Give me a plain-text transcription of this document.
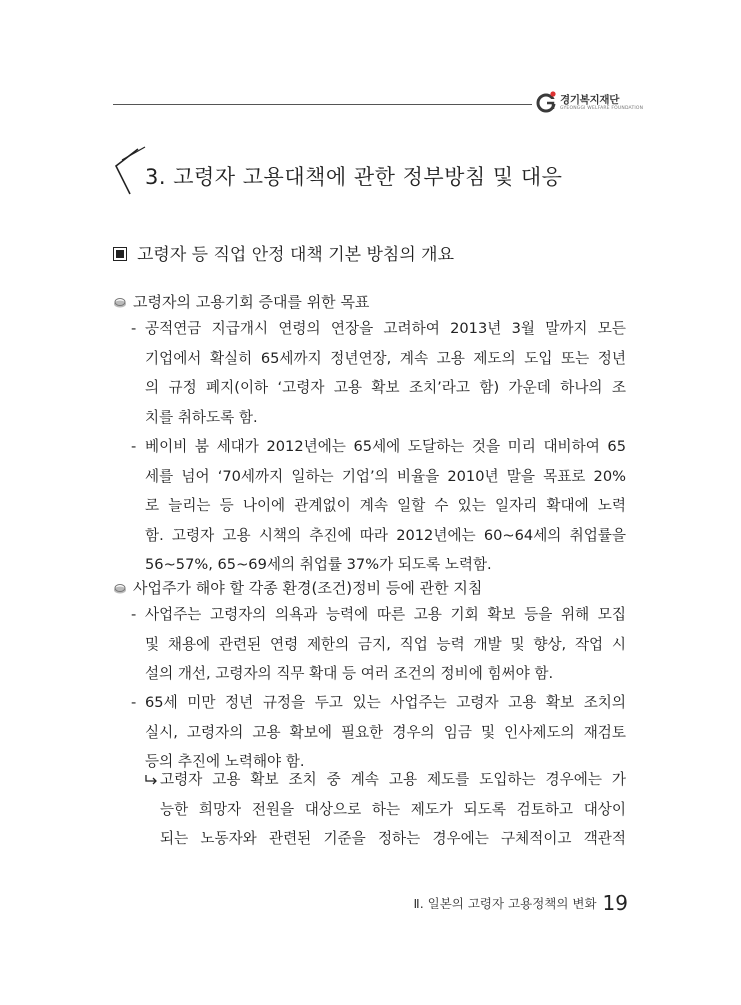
경기복지재단
GYEONGGI WELFARE FOUNDATION
3. 고령자 고용대책에 관한 정부방침 및 대응
고령자 등 직업 안정 대책 기본 방침의 개요
고령자의 고용기회 증대를 위한 목표
- 공적연금 지급개시 연령의 연장을 고려하여 2013년 3월 말까지 모든
기업에서 확실히 65세까지 정년연장, 계속 고용 제도의 도입 또는 정년
의 규정 폐지(이하 ‘고령자 고용 확보 조치’라고 함) 가운데 하나의 조
치를 취하도록 함.
- 베이비 붐 세대가 2012년에는 65세에 도달하는 것을 미리 대비하여 65
세를 넘어 ‘70세까지 일하는 기업’의 비율을 2010년 말을 목표로 20%
로 늘리는 등 나이에 관계없이 계속 일할 수 있는 일자리 확대에 노력
함. 고령자 고용 시책의 추진에 따라 2012년에는 60~64세의 취업률을
56~57%, 65~69세의 취업률 37%가 되도록 노력함.
사업주가 해야 할 각종 환경(조건)정비 등에 관한 지침
- 사업주는 고령자의 의욕과 능력에 따른 고용 기회 확보 등을 위해 모집
및 채용에 관련된 연령 제한의 금지, 직업 능력 개발 및 향상, 작업 시
설의 개선, 고령자의 직무 확대 등 여러 조건의 정비에 힘써야 함.
- 65세 미만 정년 규정을 두고 있는 사업주는 고령자 고용 확보 조치의
실시, 고령자의 고용 확보에 필요한 경우의 임금 및 인사제도의 재검토
등의 추진에 노력해야 함.
고령자 고용 확보 조치 중 계속 고용 제도를 도입하는 경우에는 가
능한 희망자 전원을 대상으로 하는 제도가 되도록 검토하고 대상이
되는 노동자와 관련된 기준을 정하는 경우에는 구체적이고 객관적
Ⅱ. 일본의 고령자 고용정책의 변화 19
